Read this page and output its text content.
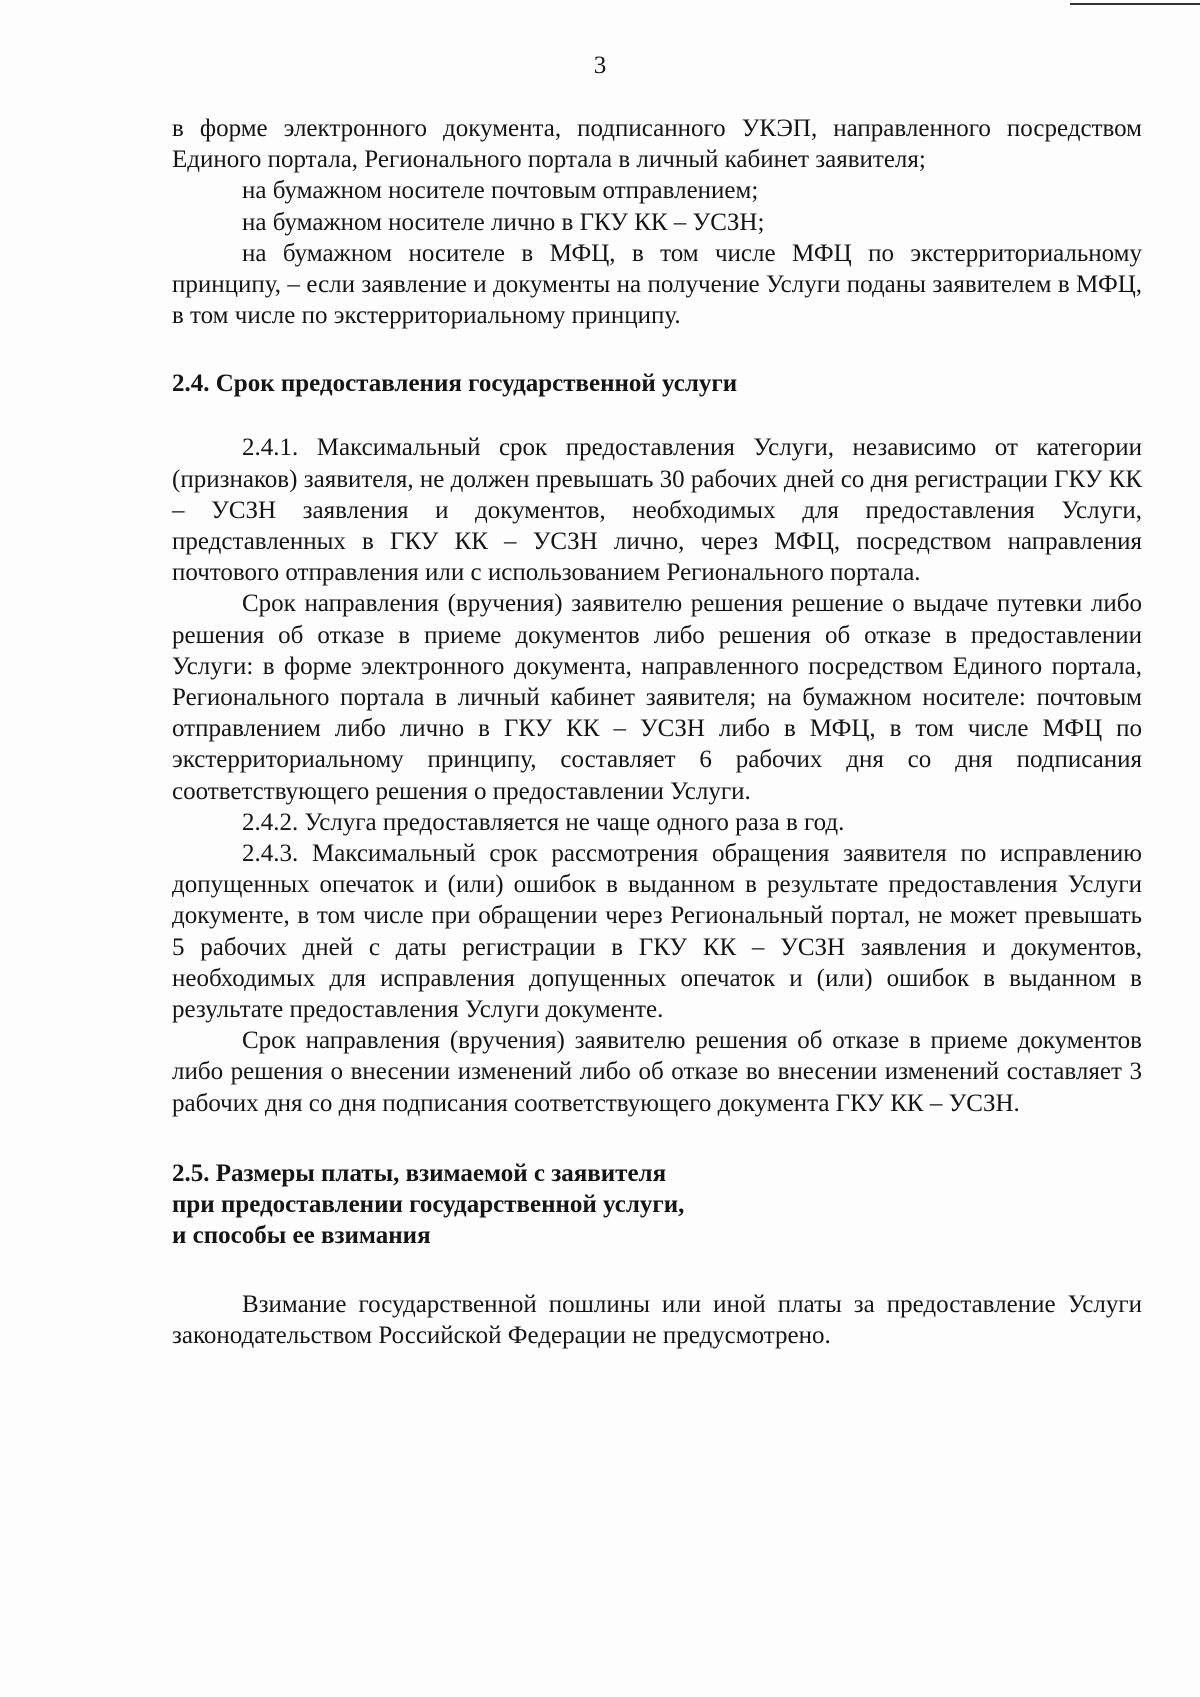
3

в форме электронного документа, подписанного УКЭП, направленного посредством Единого портала, Регионального портала в личный кабинет заявителя;

на бумажном носителе почтовым отправлением;

на бумажном носителе лично в ГКУ КК – УСЗН;

на бумажном носителе в МФЦ, в том числе МФЦ по экстерриториальному принципу, – если заявление и документы на получение Услуги поданы заявителем в МФЦ, в том числе по экстерриториальному принципу.

2.4. Срок предоставления государственной услуги

2.4.1. Максимальный срок предоставления Услуги, независимо от категории (признаков) заявителя, не должен превышать 30 рабочих дней со дня регистрации ГКУ КК – УСЗН заявления и документов, необходимых для предоставления Услуги, представленных в ГКУ КК – УСЗН лично, через МФЦ, посредством направления почтового отправления или с использованием Регионального портала.

Срок направления (вручения) заявителю решения решение о выдаче путевки либо решения об отказе в приеме документов либо решения об отказе в предоставлении Услуги: в форме электронного документа, направленного посредством Единого портала, Регионального портала в личный кабинет заявителя; на бумажном носителе: почтовым отправлением либо лично в ГКУ КК – УСЗН либо в МФЦ, в том числе МФЦ по экстерриториальному принципу, составляет 6 рабочих дня со дня подписания соответствующего решения о предоставлении Услуги.

2.4.2. Услуга предоставляется не чаще одного раза в год.

2.4.3. Максимальный срок рассмотрения обращения заявителя по исправлению допущенных опечаток и (или) ошибок в выданном в результате предоставления Услуги документе, в том числе при обращении через Региональный портал, не может превышать 5 рабочих дней с даты регистрации в ГКУ КК – УСЗН заявления и документов, необходимых для исправления допущенных опечаток и (или) ошибок в выданном в результате предоставления Услуги документе.

Срок направления (вручения) заявителю решения об отказе в приеме документов либо решения о внесении изменений либо об отказе во внесении изменений составляет 3 рабочих дня со дня подписания соответствующего документа ГКУ КК – УСЗН.

2.5. Размеры платы, взимаемой с заявителя
при предоставлении государственной услуги,
и способы ее взимания

Взимание государственной пошлины или иной платы за предоставление Услуги законодательством Российской Федерации не предусмотрено.
